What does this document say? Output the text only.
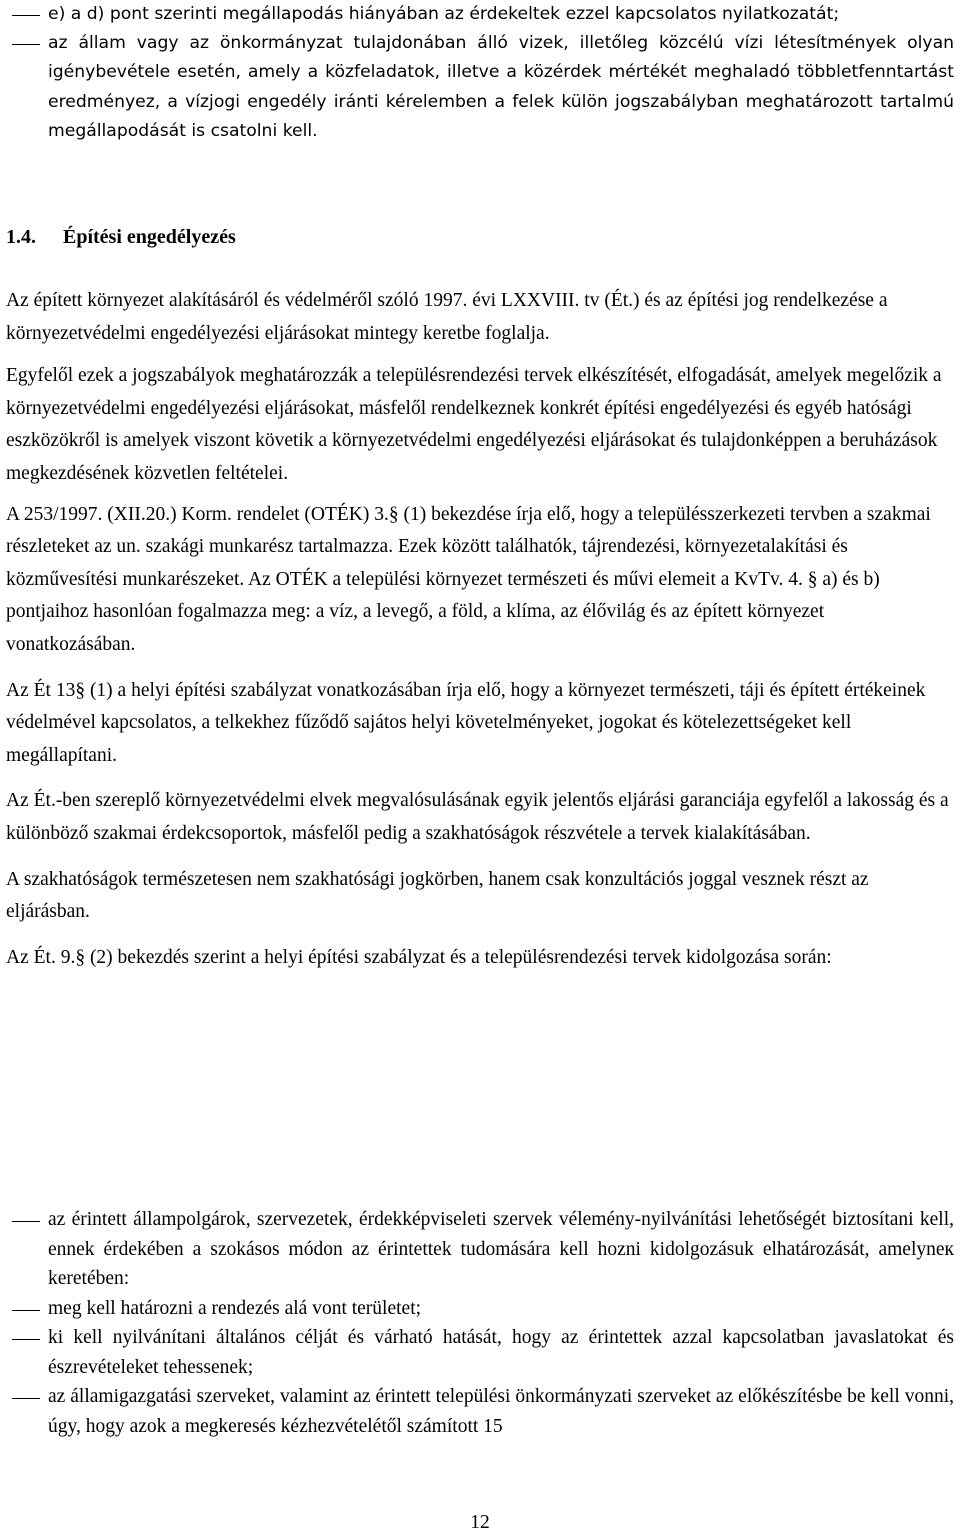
e) a d) pont szerinti megállapodás hiányában az érdekeltek ezzel kapcsolatos nyilatkozatát;
az állam vagy az önkormányzat tulajdonában álló vizek, illetőleg közcélú vízi létesítmények olyan igénybevétele esetén, amely a közfeladatok, illetve a közérdek mértékét meghaladó többletfenntartást eredményez, a vízjogi engedély iránti kérelemben a felek külön jogszabályban meghatározott tartalmú megállapodását is csatolni kell.
1.4. Építési engedélyezés

Az épített környezet alakításáról és védelméről szóló 1997. évi LXXVIII. tv (Ét.) és az építési jog rendelkezése a környezetvédelmi engedélyezési eljárásokat mintegy keretbe foglalja.

Egyfelől ezek a jogszabályok meghatározzák a településrendezési tervek elkészítését, elfogadását, amelyek megelőzik a környezetvédelmi engedélyezési eljárásokat, másfelől rendelkeznek konkrét építési engedélyezési és egyéb hatósági eszközökről is amelyek viszont követik a környezetvédelmi engedélyezési eljárásokat és tulajdonképpen a beruházások megkezdésének közvetlen feltételei.

A 253/1997. (XII.20.) Korm. rendelet (OTÉK) 3.§ (1) bekezdése írja elő, hogy a településszerkezeti tervben a szakmai részleteket az un. szakági munkarész tartalmazza. Ezek között találhatók, tájrendezési, környezetalakítási és közművesítési munkarészeket. Az OTÉK a települési környezet természeti és művi elemeit a KvTv. 4. § a) és b) pontjaihoz hasonlóan fogalmazza meg: a víz, a levegő, a föld, a klíma, az élővilág és az épített környezet vonatkozásában.

Az Ét 13§ (1) a helyi építési szabályzat vonatkozásában írja elő, hogy a környezet természeti, táji és épített értékeinek védelmével kapcsolatos, a telkekhez fűződő sajátos helyi követelményeket, jogokat és kötelezettségeket kell megállapítani.

Az Ét.-ben szereplő környezetvédelmi elvek megvalósulásának egyik jelentős eljárási garanciája egyfelől a lakosság és a különböző szakmai érdekcsoportok, másfelől pedig a szakhatóságok részvétele a tervek kialakításában.

A szakhatóságok természetesen nem szakhatósági jogkörben, hanem csak konzultációs joggal vesznek részt az eljárásban.

Az Ét. 9.§ (2) bekezdés szerint a helyi építési szabályzat és a településrendezési tervek kidolgozása során:

az érintett állampolgárok, szervezetek, érdekképviseleti szervek vélemény-nyilvánítási lehetőségét biztosítani kell, ennek érdekében a szokásos módon az érintettek tudomására kell hozni kidolgozásuk elhatározását, amelyneк keretében:
meg kell határozni a rendezés alá vont területet;
ki kell nyilvánítani általános célját és várható hatását, hogy az érintettek azzal kapcsolatban javaslatokat és észrevételeket tehessenek;
az államigazgatási szerveket, valamint az érintett települési önkormányzati szerveket az előkészítésbe be kell vonni, úgy, hogy azok a megkeresés kézhezvételétől számított 15
12
